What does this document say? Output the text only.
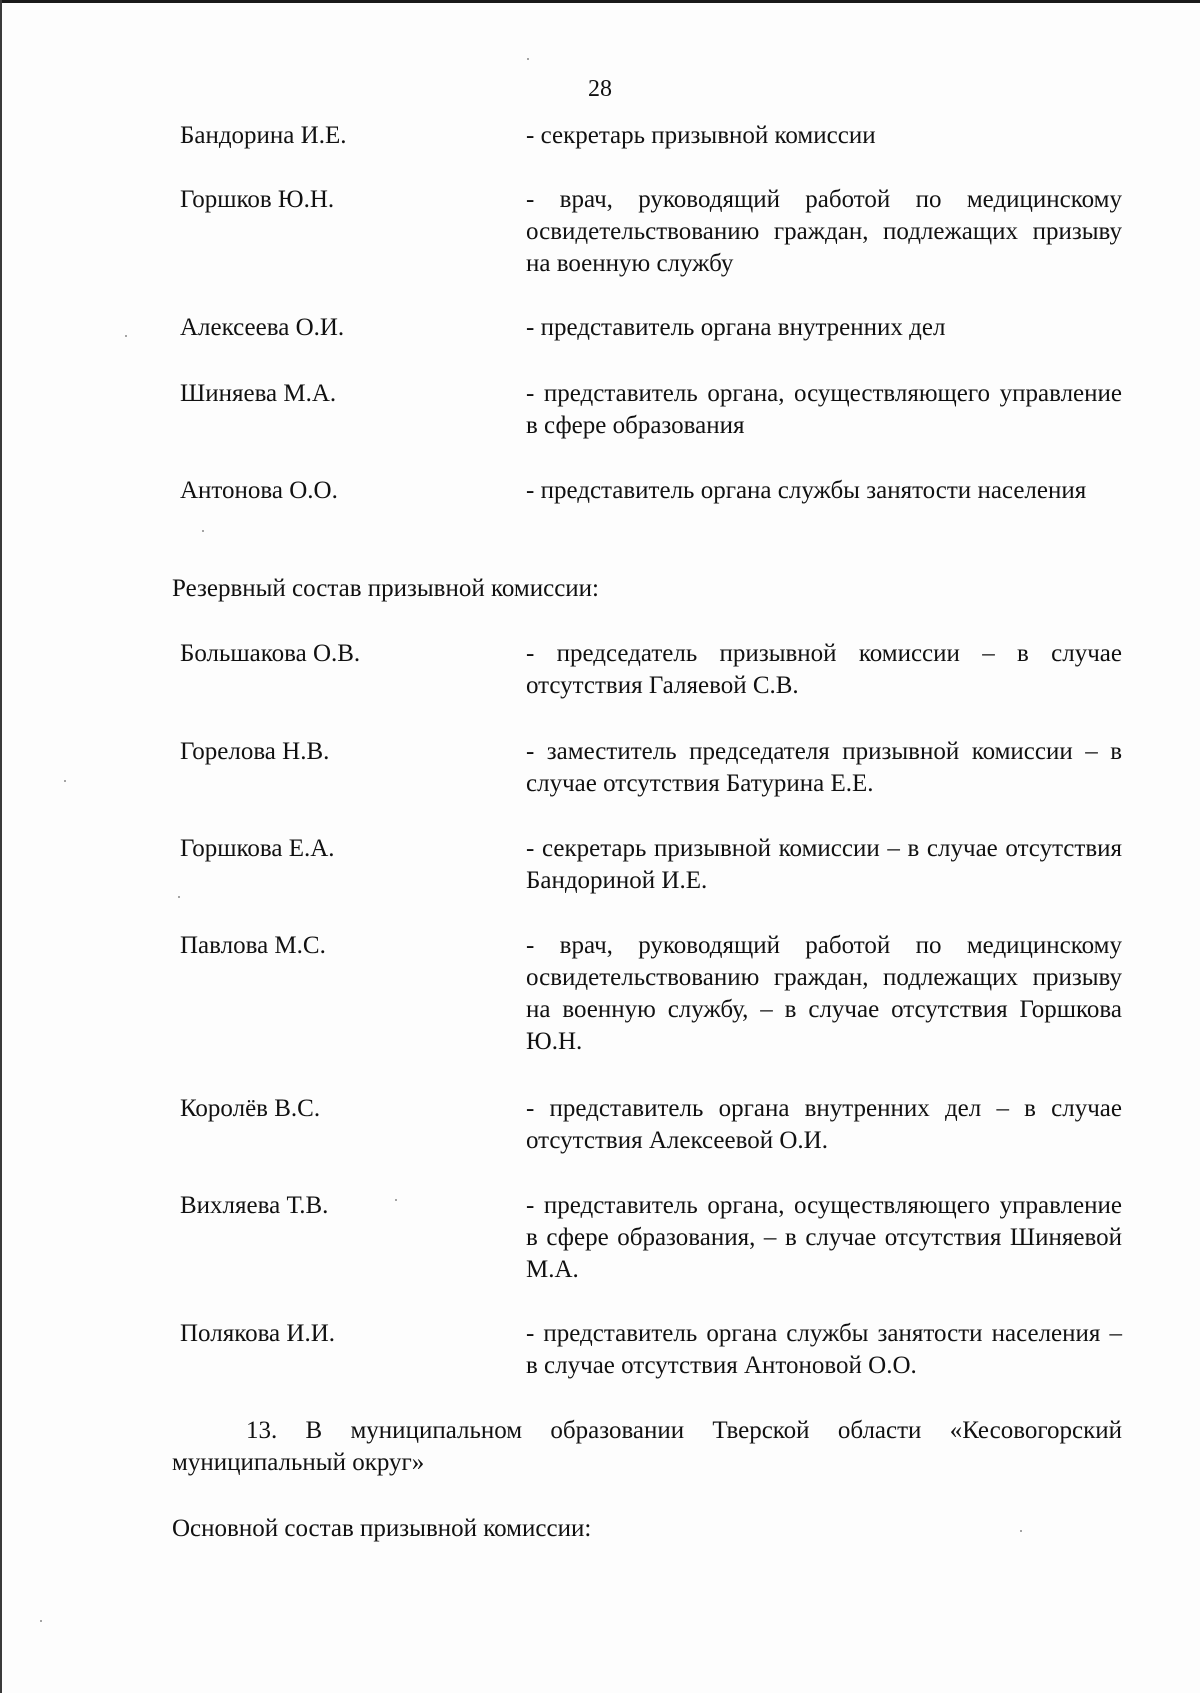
28
Бандорина И.Е.	- секретарь призывной комиссии
Горшков Ю.Н.	- врач, руководящий работой по медицинскому освидетельствованию граждан, подлежащих призыву на военную службу
Алексеева О.И.	- представитель органа внутренних дел
Шиняева М.А.	- представитель органа, осуществляющего управление в сфере образования
Антонова О.О.	- представитель органа службы занятости населения
Резервный состав призывной комиссии:
Большакова О.В.	- председатель призывной комиссии – в случае отсутствия Галяевой С.В.
Горелова Н.В.	- заместитель председателя призывной комиссии – в случае отсутствия Батурина Е.Е.
Горшкова Е.А.	- секретарь призывной комиссии – в случае отсутствия Бандориной И.Е.
Павлова М.С.	- врач, руководящий работой по медицинскому освидетельствованию граждан, подлежащих призыву на военную службу, – в случае отсутствия Горшкова Ю.Н.
Королёв В.С.	- представитель органа внутренних дел – в случае отсутствия Алексеевой О.И.
Вихляева Т.В.	- представитель органа, осуществляющего управление в сфере образования, – в случае отсутствия Шиняевой М.А.
Полякова И.И.	- представитель органа службы занятости населения – в случае отсутствия Антоновой О.О.
13. В муниципальном образовании Тверской области «Кесовогорский муниципальный округ»
Основной состав призывной комиссии:
